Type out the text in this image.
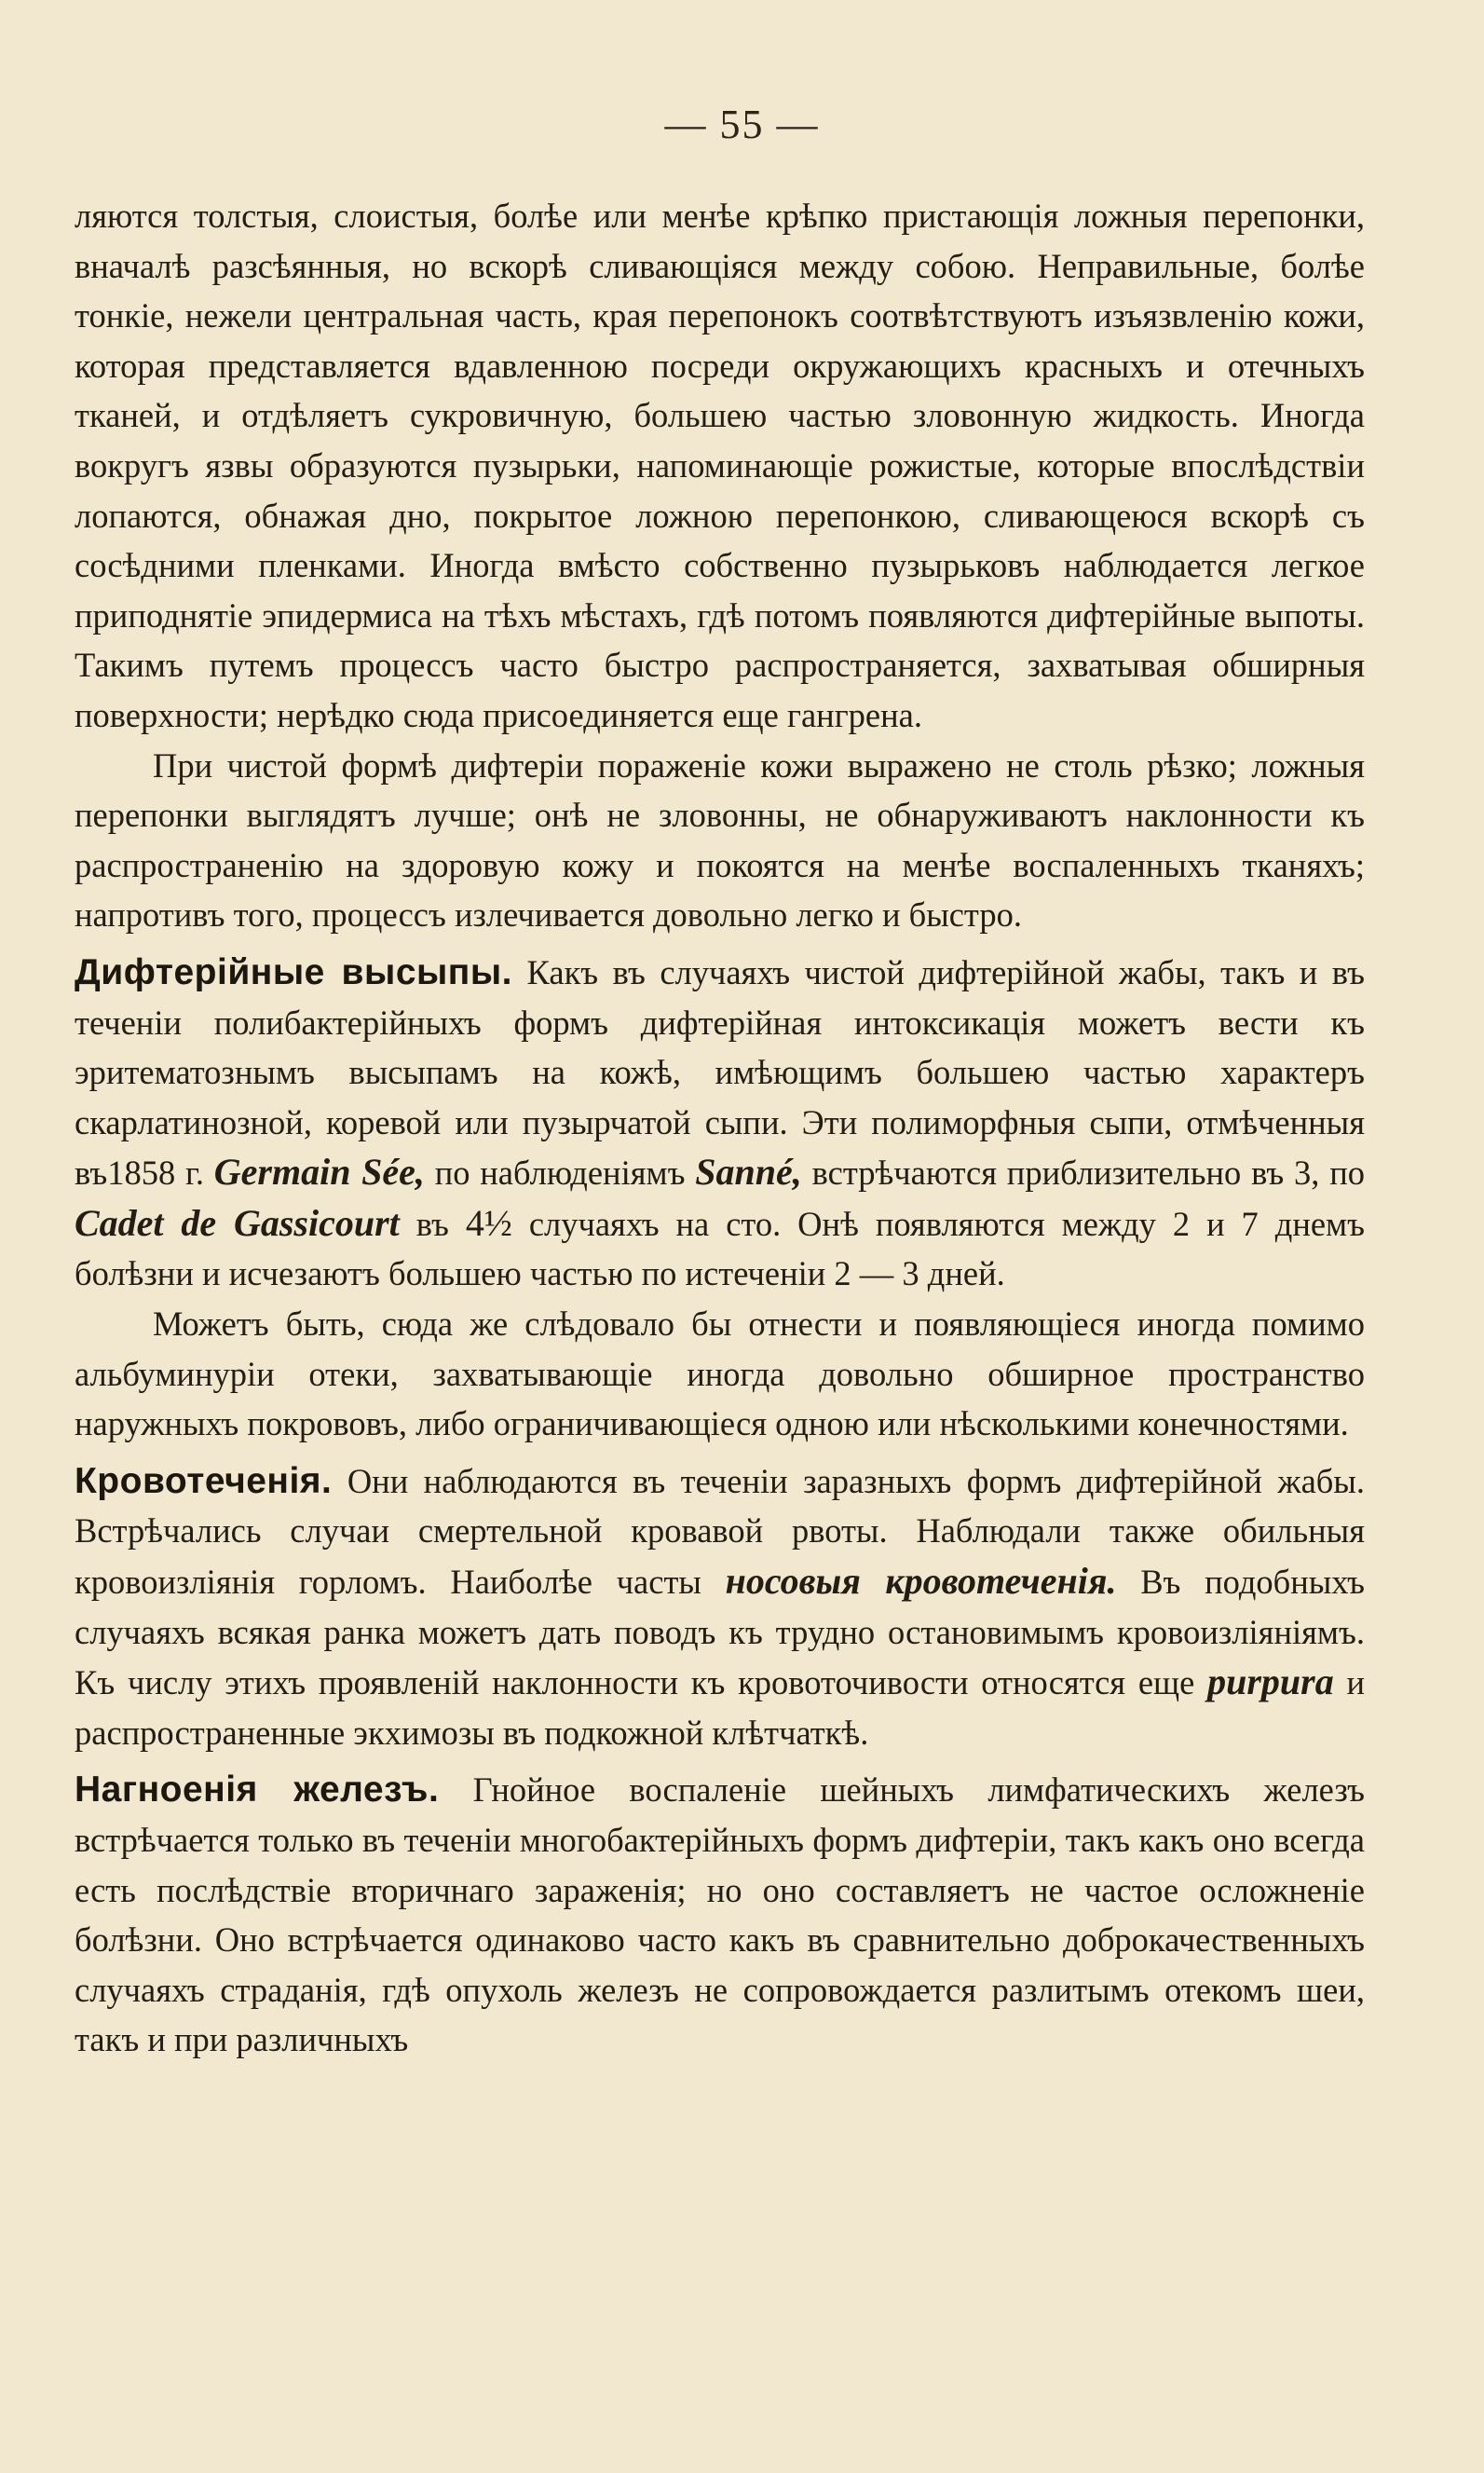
— 55 —

ляются толстыя, слоистыя, болѣе или менѣе крѣпко пристающія ложныя перепонки, вначалѣ разсѣянныя, но вскорѣ сливающіяся между собою. Неправильные, болѣе тонкіе, нежели центральная часть, края перепонокъ соотвѣтствуютъ изъязвленію кожи, которая представляется вдавленною посреди окружающихъ красныхъ и отечныхъ тканей, и отдѣляетъ сукровичную, большею частью зловонную жидкость. Иногда вокругъ язвы образуются пузырьки, напоминающіе рожистые, которые впослѣдствіи лопаются, обнажая дно, покрытое ложною перепонкою, сливающеюся вскорѣ съ сосѣдними пленками. Иногда вмѣсто собственно пузырьковъ наблюдается легкое приподнятіе эпидермиса на тѣхъ мѣстахъ, гдѣ потомъ появляются дифтерійные выпоты. Такимъ путемъ процессъ часто быстро распространяется, захватывая обширныя поверхности; нерѣдко сюда присоединяется еще гангрена.

При чистой формѣ дифтеріи пораженіе кожи выражено не столь рѣзко; ложныя перепонки выглядятъ лучше; онѣ не зловонны, не обнаруживаютъ наклонности къ распространенію на здоровую кожу и покоятся на менѣе воспаленныхъ тканяхъ; напротивъ того, процессъ излечивается довольно легко и быстро.

Дифтерійные высыпы. Какъ въ случаяхъ чистой дифтерійной жабы, такъ и въ теченіи полибактерійныхъ формъ дифтерійная интоксикація можетъ вести къ эритематознымъ высыпамъ на кожѣ, имѣющимъ большею частью характеръ скарлатинозной, коревой или пузырчатой сыпи. Эти полиморфныя сыпи, отмѣченныя въ1858 г. Germain Sée, по наблюденіямъ Sanné, встрѣчаются приблизительно въ 3, по Cadet de Gassicourt въ 4½ случаяхъ на сто. Онѣ появляются между 2 и 7 днемъ болѣзни и исчезаютъ большею частью по истеченіи 2 — 3 дней.

Можетъ быть, сюда же слѣдовало бы отнести и появляющіеся иногда помимо альбуминуріи отеки, захватывающіе иногда довольно обширное пространство наружныхъ покрововъ, либо ограничивающіеся одною или нѣсколькими конечностями.

Кровотеченія. Они наблюдаются въ теченіи заразныхъ формъ дифтерійной жабы. Встрѣчались случаи смертельной кровавой рвоты. Наблюдали также обильныя кровоизліянія горломъ. Наиболѣе часты носовыя кровотеченія. Въ подобныхъ случаяхъ всякая ранка можетъ дать поводъ къ трудно остановимымъ кровоизліяніямъ. Къ числу этихъ проявленій наклонности къ кровоточивости относятся еще purpura и распространенные экхимозы въ подкожной клѣтчаткѣ.

Нагноенія железъ. Гнойное воспаленіе шейныхъ лимфатическихъ железъ встрѣчается только въ теченіи многобактерійныхъ формъ дифтеріи, такъ какъ оно всегда есть послѣдствіе вторичнаго зараженія; но оно составляетъ не частое осложненіе болѣзни. Оно встрѣчается одинаково часто какъ въ сравнительно доброкачественныхъ случаяхъ страданія, гдѣ опухоль железъ не сопровождается разлитымъ отекомъ шеи, такъ и при различныхъ
